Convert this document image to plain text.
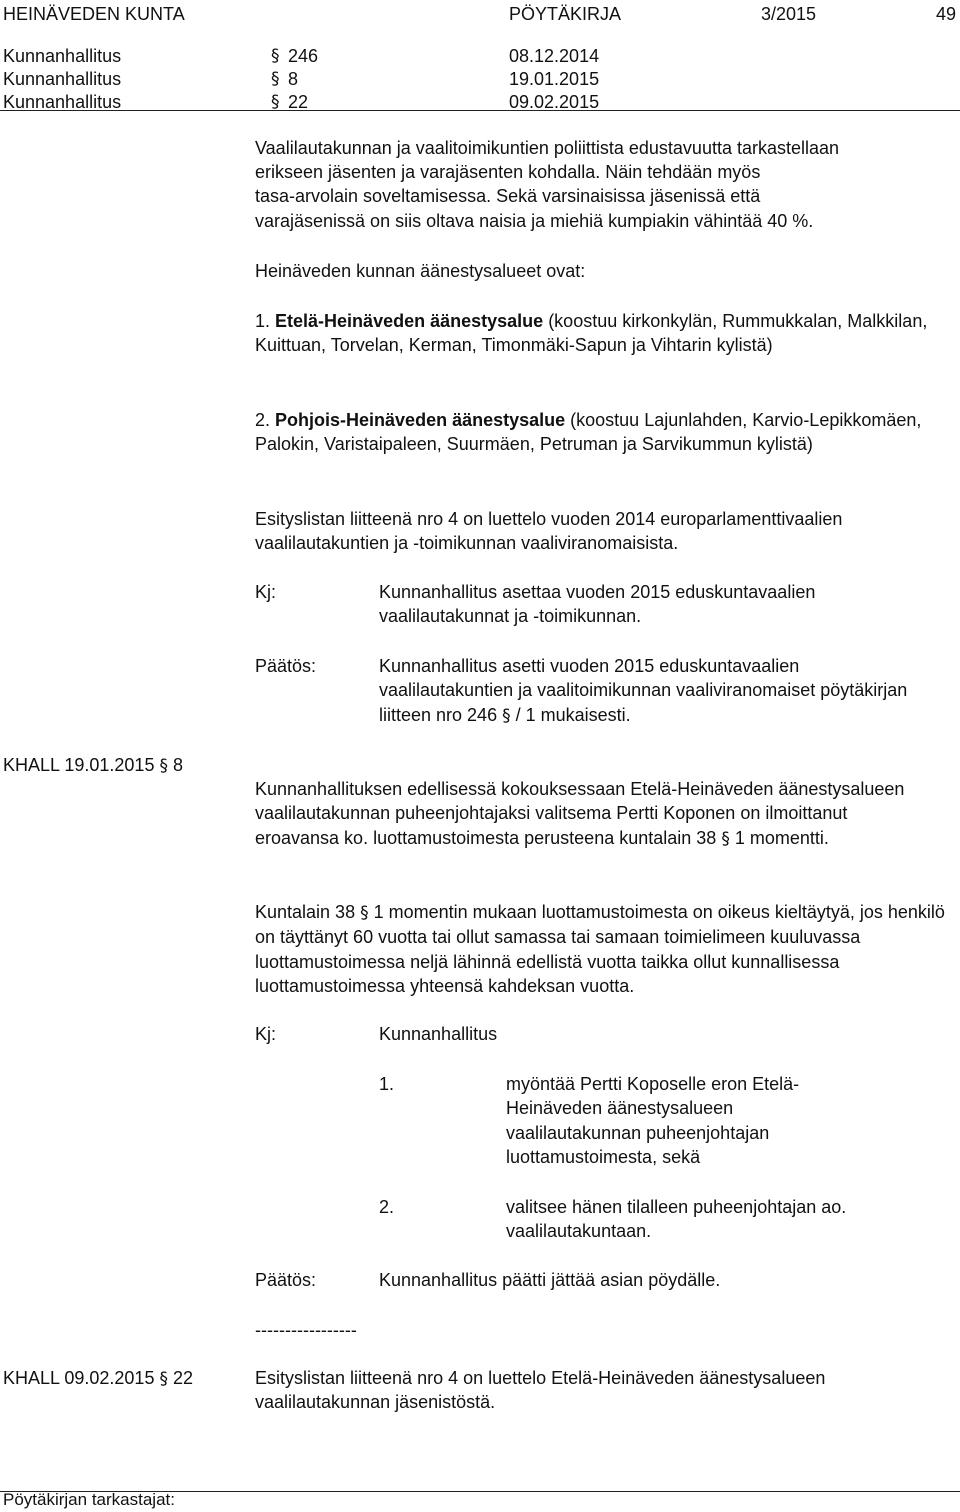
HEINÄVEDEN KUNTA	PÖYTÄKIRJA	3/2015	49
Kunnanhallitus	§ 246	08.12.2014
Kunnanhallitus	§ 8	19.01.2015
Kunnanhallitus	§ 22	09.02.2015
Vaalilautakunnan ja vaalitoimikuntien poliittista edustavuutta tarkastellaan
erikseen jäsenten ja varajäsenten kohdalla. Näin tehdään myös
tasa-arvolain soveltamisessa. Sekä varsinaisissa jäsenissä että
varajäsenissä on siis oltava naisia ja miehiä kumpiakin vähintää 40 %.
Heinäveden kunnan äänestysalueet ovat:
1. Etelä-Heinäveden äänestysalue (koostuu kirkonkylän, Rummukkalan, Malkkilan, Kuittuan, Torvelan, Kerman, Timonmäki-Sapun ja Vihtarin kylistä)
2. Pohjois-Heinäveden äänestysalue (koostuu Lajunlahden, Karvio-Lepikkomäen, Palokin, Varistaipaleen, Suurmäen, Petruman ja Sarvikummun kylistä)
Esityslistan liitteenä nro 4 on luettelo vuoden 2014 europarlamenttivaalien vaalilautakuntien ja -toimikunnan vaaliviranomaisista.
Kj:	Kunnanhallitus asettaa vuoden 2015 eduskuntavaalien vaalilautakunnat ja -toimikunnan.
Päätös:	Kunnanhallitus asetti vuoden 2015 eduskuntavaalien vaalilautakuntien ja vaalitoimikunnan vaaliviranomaiset pöytäkirjan liitteen nro 246 § / 1 mukaisesti.
KHALL 19.01.2015 § 8
Kunnanhallituksen edellisessä kokouksessaan Etelä-Heinäveden äänestysalueen vaalilautakunnan puheenjohtajaksi valitsema Pertti Koponen on ilmoittanut eroavansa ko. luottamustoimesta perusteena kuntalain 38 § 1 momentti.
Kuntalain 38 § 1 momentin mukaan luottamustoimesta on oikeus kieltäytyä, jos henkilö on täyttänyt 60 vuotta tai ollut samassa tai samaan toimielimeen kuuluvassa luottamustoimessa neljä lähinnä edellistä vuotta taikka ollut kunnallisessa luottamustoimessa yhteensä kahdeksan vuotta.
Kj:	Kunnanhallitus
1.	myöntää Pertti Koposelle eron Etelä-Heinäveden äänestysalueen vaalilautakunnan puheenjohtajan luottamustoimesta, sekä
2.	valitsee hänen tilalleen puheenjohtajan ao. vaalilautakuntaan.
Päätös:	Kunnanhallitus päätti jättää asian pöydälle.
-----------------
KHALL 09.02.2015 § 22	Esityslistan liitteenä nro 4 on luettelo Etelä-Heinäveden äänestysalueen vaalilautakunnan jäsenistöstä.
Pöytäkirjan tarkastajat:
